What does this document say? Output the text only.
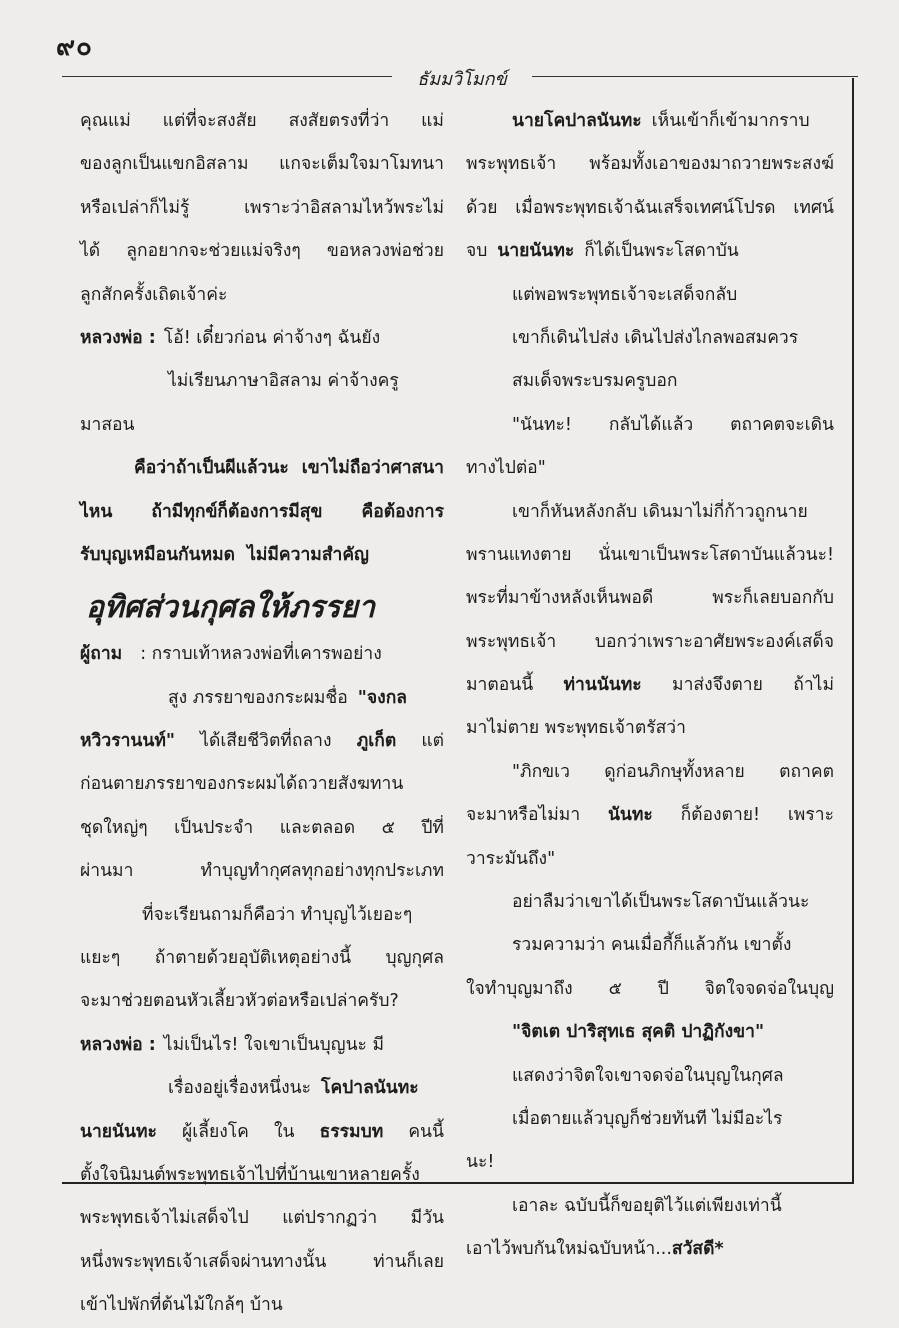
๙๐
ธัมมวิโมกข์
คุณแม่ แต่ที่จะสงสัย สงสัยตรงที่ว่า แม่
ของลูกเป็นแขกอิสลาม แกจะเต็มใจมาโมทนา
หรือเปล่าก็ไม่รู้	เพราะว่าอิสลามไหว้พระไม่
ได้ ลูกอยากจะช่วยแม่จริงๆ ขอหลวงพ่อช่วย
ลูกสักครั้งเถิดเจ้าค่ะ
หลวงพ่อ : โอ้! เดี๋ยวก่อน ค่าจ้างๆ ฉันยัง
ไม่เรียนภาษาอิสลาม ค่าจ้างครู
มาสอน
คือว่าถ้าเป็นผีแล้วนะ เขาไม่ถือว่าศาสนา
ไหน ถ้ามีทุกข์ก็ต้องการมีสุข คือต้องการ
รับบุญเหมือนกันหมด ไม่มีความสำคัญ
อุทิศส่วนกุศลให้ภรรยา
ผู้ถาม : กราบเท้าหลวงพ่อที่เคารพอย่าง
สูง ภรรยาของกระผมชื่อ "จงกล
หวิวรานนท์" ได้เสียชีวิตที่ถลาง ภูเก็ต แต่
ก่อนตายภรรยาของกระผมได้ถวายสังฆทาน
ชุดใหญ่ๆ เป็นประจำ และตลอด ๕ ปีที่
ผ่านมา	ทำบุญทำกุศลทุกอย่างทุกประเภท
ที่จะเรียนถามก็คือว่า ทำบุญไว้เยอะๆ
แยะๆ ถ้าตายด้วยอุบัติเหตุอย่างนี้ บุญกุศล
จะมาช่วยตอนหัวเลี้ยวหัวต่อหรือเปล่าครับ?
หลวงพ่อ : ไม่เป็นไร! ใจเขาเป็นบุญนะ มี
เรื่องอยู่เรื่องหนึ่งนะ โคปาลนันทะ
นายนันทะ ผู้เลี้ยงโค ใน ธรรมบท คนนี้
ตั้งใจนิมนต์พระพุทธเจ้าไปที่บ้านเขาหลายครั้ง
พระพุทธเจ้าไม่เสด็จไป แต่ปรากฏว่า มีวัน
หนึ่งพระพุทธเจ้าเสด็จผ่านทางนั้น	ท่านก็เลย
เข้าไปพักที่ต้นไม้ใกล้ๆ บ้าน
นายโคปาลนันทะ เห็นเข้าก็เข้ามากราบ
พระพุทธเจ้า พร้อมทั้งเอาของมาถวายพระสงฆ์
ด้วย เมื่อพระพุทธเจ้าฉันเสร็จเทศน์โปรด เทศน์
จบ นายนันทะ ก็ได้เป็นพระโสดาบัน
แต่พอพระพุทธเจ้าจะเสด็จกลับ
เขาก็เดินไปส่ง เดินไปส่งไกลพอสมควร
สมเด็จพระบรมครูบอก
"นันทะ! กลับได้แล้ว ตถาคตจะเดิน
ทางไปต่อ"
เขาก็หันหลังกลับ เดินมาไม่กี่ก้าวถูกนาย
พรานแทงตาย นั่นเขาเป็นพระโสดาบันแล้วนะ!
พระที่มาข้างหลังเห็นพอดี	พระก็เลยบอกกับ
พระพุทธเจ้า บอกว่าเพราะอาศัยพระองค์เสด็จ
มาตอนนี้ ท่านนันทะ มาส่งจึงตาย ถ้าไม่
มาไม่ตาย พระพุทธเจ้าตรัสว่า
"ภิกขเว ดูก่อนภิกษุทั้งหลาย ตถาคต
จะมาหรือไม่มา นันทะ ก็ต้องตาย! เพราะ
วาระมันถึง"
อย่าลืมว่าเขาได้เป็นพระโสดาบันแล้วนะ
รวมความว่า คนเมื่อกี้ก็แล้วกัน เขาตั้ง
ใจทำบุญมาถึง ๕ ปี จิตใจจดจ่อในบุญ
"จิตเต ปาริสุทเธ สุคติ ปาฏิกังขา"
แสดงว่าจิตใจเขาจดจ่อในบุญในกุศล
เมื่อตายแล้วบุญก็ช่วยทันที ไม่มีอะไร
นะ!
เอาละ ฉบับนี้ก็ขอยุติไว้แต่เพียงเท่านี้
เอาไว้พบกันใหม่ฉบับหน้า... สวัสดี*
